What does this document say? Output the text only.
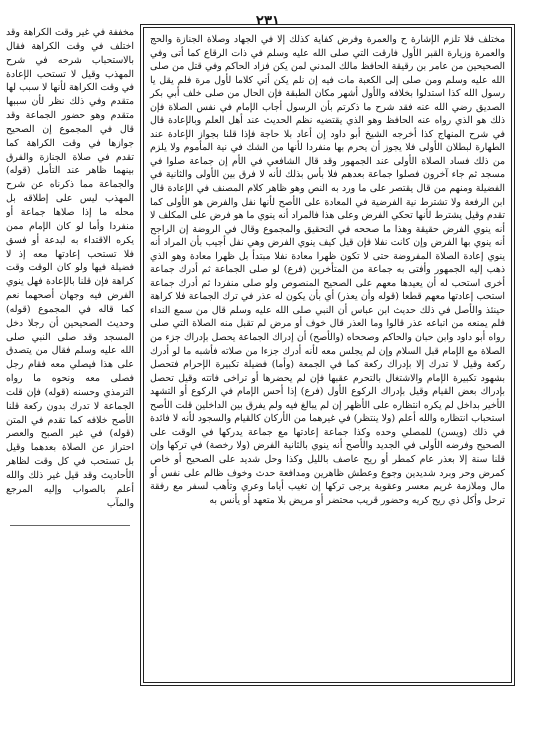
٢٣١

مختلف فلا تلزم الإشارة ح والعمرة وفرض كفاية كذلك إلا في الجهاد وصلاة الجنازة والحج والعمرة وزيارة القبر الأول فارقت التي صلى الله عليه وسلم في ذات الرقاع كما أتى وفي الصحيحين من عامر بن رقيقة الحافظ مالك المدني لمن يكن فزاد الحاكم وفي قتل من صلى الله عليه وسلم ومن صلى إلى الكعبة مات فيه إن نلم يكن أتي كلاما لأول مرة فلم يقل يا رسول الله كذا استدلوا بخلافه والأول أشهر مكان الطبقة فإن الحال من صلى خلف أبي بكر الصديق رضي الله عنه فقد شرح ما ذكرتم بأن الرسول أجاب الإمام في نفس الصلاة فإن ذلك هو الذي رواه عنه الحافظ وهو الذي يقتضيه نظم الحديث عند أهل العلم وبالإعادة قال في شرح المنهاج كذا أخرجه الشيخ أبو داود إن أعاد بلا حاجة فإذا قلنا بجواز الإعادة عند الطهارة لبطلان الأولى فلا يجوز أن يحرم بها منفردا لأنها من الشك في نية المأموم ولا يلزم من ذلك فساد الصلاة الأولى عند الجمهور وقد قال الشافعي في الأم إن جماعة صلوا في مسجد ثم جاء آخرون فصلوا جماعة بعدهم فلا بأس بذلك لأنه لا فرق بين الأولى والثانية في الفضيلة ومنهم من قال يقتصر على ما ورد به النص وهو ظاهر كلام المصنف في الإعادة قال ابن الرفعة ولا تشترط نية الفرضية في المعادة على الأصح لأنها نفل والفرض هو الأولى كما تقدم وقيل يشترط لأنها تحكي الفرض وعلى هذا فالمراد أنه ينوي ما هو فرض على المكلف لا أنه ينوي الفرض حقيقة وهذا ما صححه في التحقيق والمجموع وقال في الروضة إن الراجح أنه ينوي بها الفرض وإن كانت نفلا فإن قيل كيف ينوي الفرض وهي نفل أجيب بأن المراد أنه ينوي إعادة الصلاة المفروضة حتى لا تكون ظهرا معادة نفلا مبتدأ بل ظهرا معادة وهو الذي ذهب إليه الجمهور وأفتى به جماعة من المتأخرين (فرع) لو صلى الجماعة ثم أدرك جماعة أخرى استحب له أن يعيدها معهم على الصحيح المنصوص ولو صلى منفردا ثم أدرك جماعة استحب إعادتها معهم قطعا (قوله وأن يعذر) أي بأن يكون له عذر في ترك الجماعة فلا كراهة حينئذ والأصل في ذلك حديث ابن عباس أن النبي صلى الله عليه وسلم قال من سمع النداء فلم يمنعه من اتباعه عذر قالوا وما العذر قال خوف أو مرض لم تقبل منه الصلاة التي صلى رواه أبو داود وابن حبان والحاكم وصححاه (والأصح) أن إدراك الجماعة يحصل بإدراك جزء من الصلاة مع الإمام قبل السلام وإن لم يجلس معه لأنه أدرك جزءا من صلاته فأشبه ما لو أدرك ركعة وقيل لا تدرك إلا بإدراك ركعة كما في الجمعة (وأما) فضيلة تكبيرة الإحرام فتحصل بشهود تكبيرة الإمام والاشتغال بالتحرم عقبها فإن لم يحضرها أو تراخى فاتته وقيل تحصل بإدراك بعض القيام وقيل بإدراك الركوع الأول (فرع) إذا أحس الإمام في الركوع أو التشهد الأخير بداخل لم يكره انتظاره على الأظهر إن لم يبالغ فيه ولم يفرق بين الداخلين قلت الأصح استحباب انتظاره والله أعلم (ولا ينتظر) في غيرهما من الأركان كالقيام والسجود لأنه لا فائدة في ذلك (ويسن) للمصلي وحده وكذا جماعة إعادتها مع جماعة يدركها في الوقت على الصحيح وفرضه الأولى في الجديد والأصح أنه ينوي بالثانية الفرض (ولا رخصة) في تركها وإن قلنا سنة إلا بعذر عام كمطر أو ريح عاصف بالليل وكذا وحل شديد على الصحيح أو خاص كمرض وحر وبرد شديدين وجوع وعطش ظاهرين ومدافعة حدث وخوف ظالم على نفس أو مال وملازمة غريم معسر وعقوبة يرجى تركها إن تغيب أياما وعري وتأهب لسفر مع رفقة ترحل وأكل ذي ريح كريه وحضور قريب محتضر أو مريض بلا متعهد أو يأنس به

مخففة في غير وقت الكراهة وقد اختلف في وقت الكراهة فقال بالاستحباب شرحه في شرح المهذب وقيل لا تستحب الإعادة في وقت الكراهة لأنها لا سبب لها متقدم وفي ذلك نظر لأن سببها متقدم وهو حضور الجماعة وقد قال في المجموع إن الصحيح جوازها في وقت الكراهة كما تقدم في صلاة الجنازة والفرق بينهما ظاهر عند التأمل (قوله) والجماعة مما ذكرناه عن شرح المهذب ليس على إطلاقه بل محله ما إذا صلاها جماعة أو منفردا وأما لو كان الإمام ممن يكره الاقتداء به لبدعة أو فسق فلا تستحب إعادتها معه إذ لا فضيلة فيها ولو كان الوقت وقت كراهة فإن قلنا بالإعادة فهل ينوي الفرض فيه وجهان أصحهما نعم كما قاله في المجموع (قوله) وحديث الصحيحين أن رجلا دخل المسجد وقد صلى النبي صلى الله عليه وسلم فقال من يتصدق على هذا فيصلي معه فقام رجل فصلى معه ونحوه ما رواه الترمذي وحسنه (قوله) فإن قلت الجماعة لا تدرك بدون ركعة قلنا الأصح خلافه كما تقدم في المتن (قوله) في غير الصبح والعصر احتراز عن الصلاة بعدهما وقيل بل تستحب في كل وقت لظاهر الأحاديث وقد قيل غير ذلك والله أعلم بالصواب وإليه المرجع والمآب
